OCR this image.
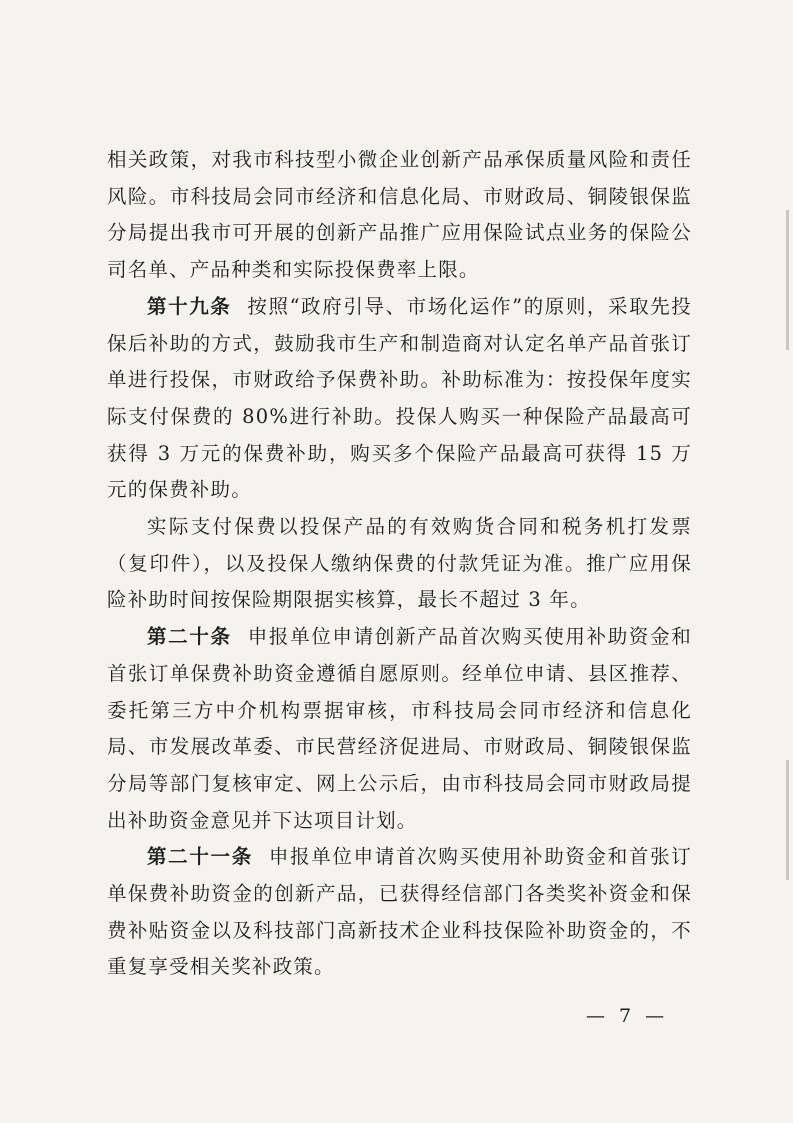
相关政策，对我市科技型小微企业创新产品承保质量风险和责任风险。市科技局会同市经济和信息化局、市财政局、铜陵银保监分局提出我市可开展的创新产品推广应用保险试点业务的保险公司名单、产品种类和实际投保费率上限。

第十九条 按照“政府引导、市场化运作”的原则，采取先投保后补助的方式，鼓励我市生产和制造商对认定名单产品首张订单进行投保，市财政给予保费补助。补助标准为：按投保年度实际支付保费的 80%进行补助。投保人购买一种保险产品最高可获得 3 万元的保费补助，购买多个保险产品最高可获得 15 万元的保费补助。

实际支付保费以投保产品的有效购货合同和税务机打发票（复印件），以及投保人缴纳保费的付款凭证为准。推广应用保险补助时间按保险期限据实核算，最长不超过 3 年。

第二十条 申报单位申请创新产品首次购买使用补助资金和首张订单保费补助资金遵循自愿原则。经单位申请、县区推荐、委托第三方中介机构票据审核，市科技局会同市经济和信息化局、市发展改革委、市民营经济促进局、市财政局、铜陵银保监分局等部门复核审定、网上公示后，由市科技局会同市财政局提出补助资金意见并下达项目计划。

第二十一条 申报单位申请首次购买使用补助资金和首张订单保费补助资金的创新产品，已获得经信部门各类奖补资金和保费补贴资金以及科技部门高新技术企业科技保险补助资金的，不重复享受相关奖补政策。

— 7 —
